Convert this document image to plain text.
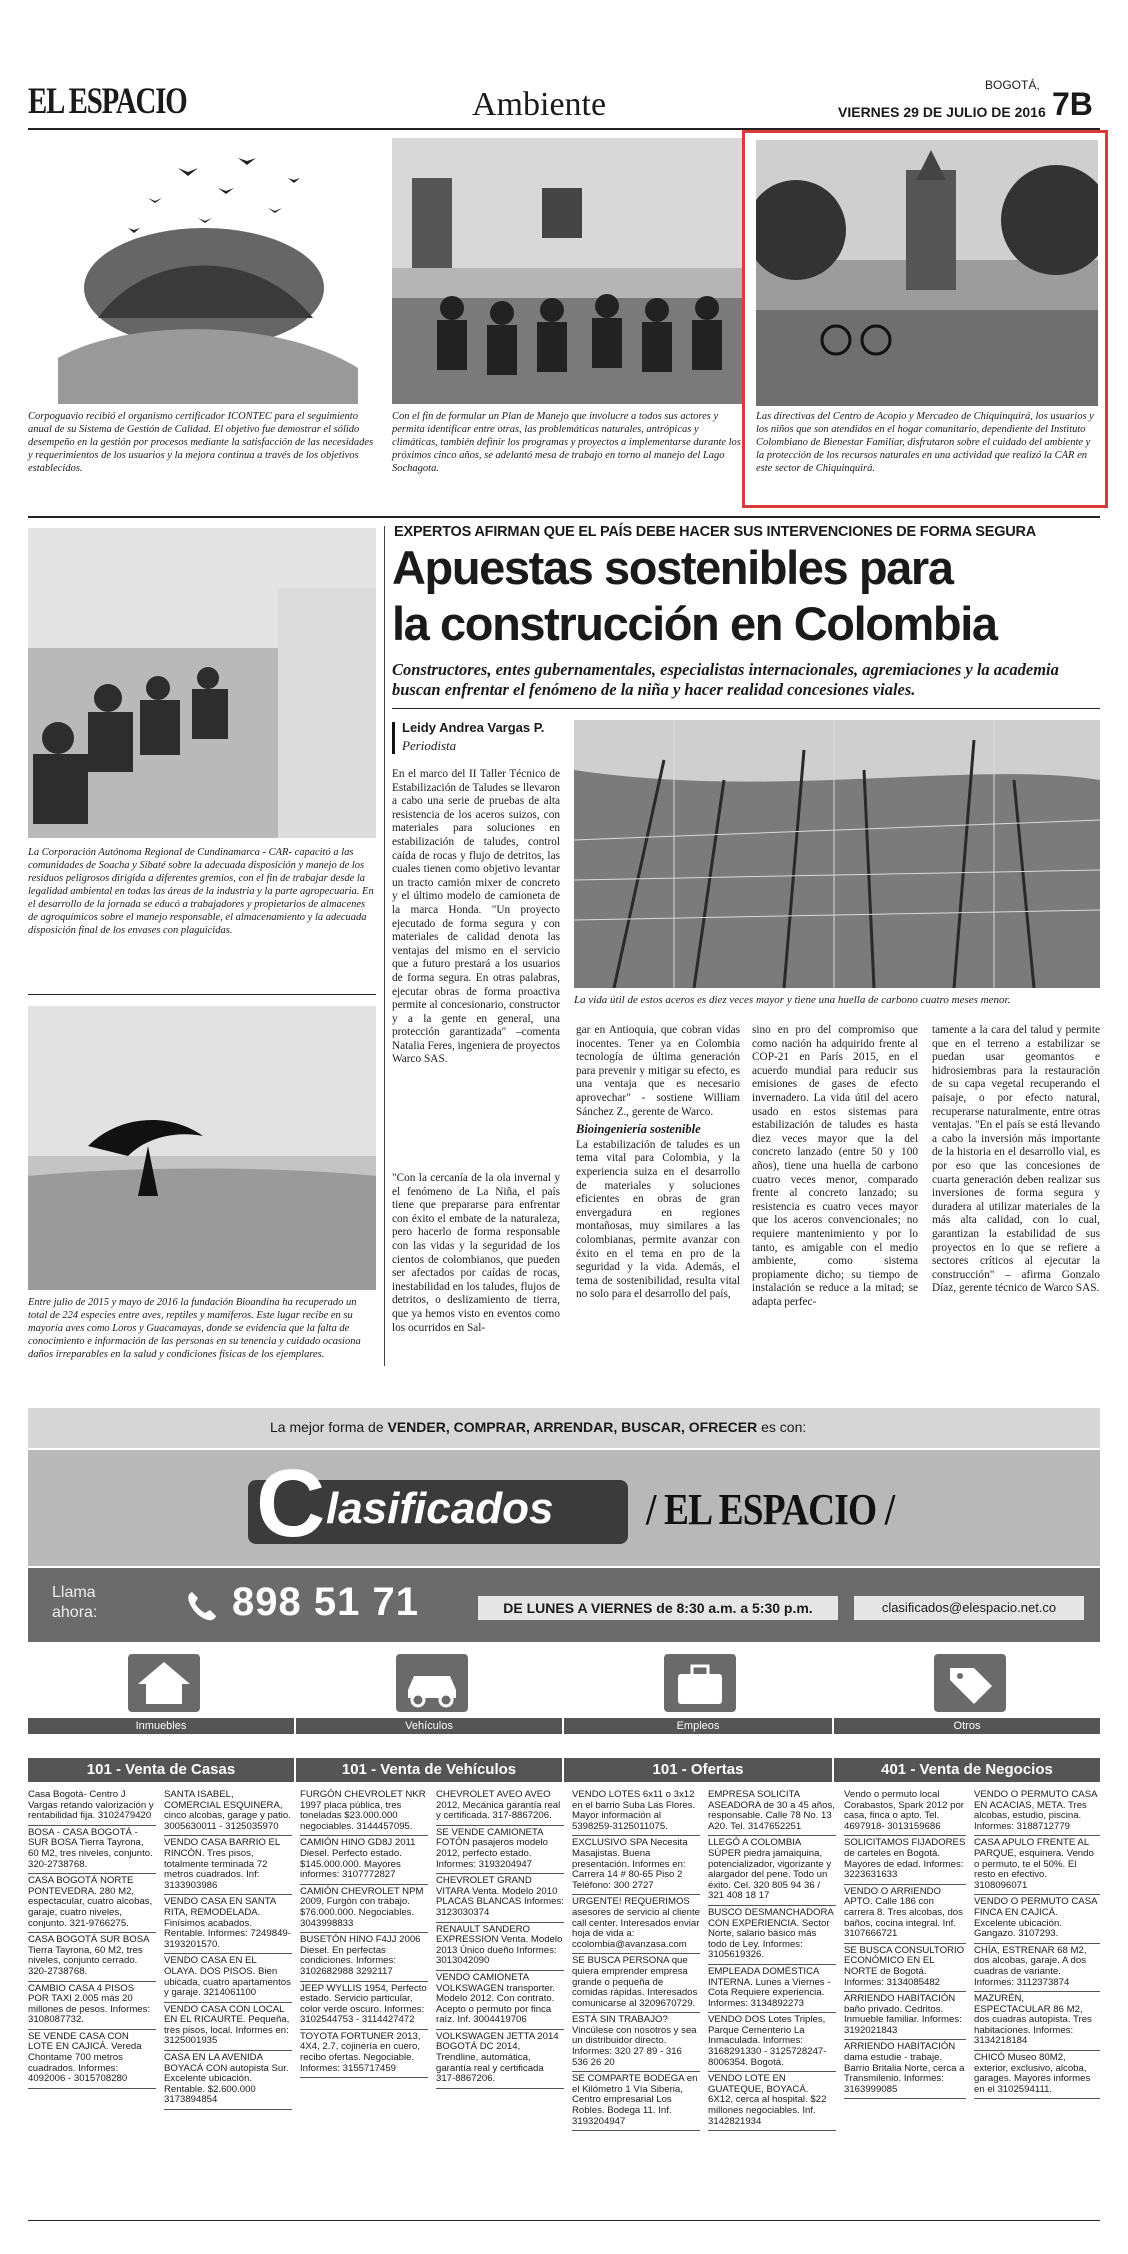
EL ESPACIO	Ambiente
BOGOTÁ,
VIERNES 29 DE JULIO DE 2016 7B
Corpoguavio recibió el organismo certificador ICONTEC para el seguimiento anual de su Sistema de Gestión de Calidad. El objetivo fue demostrar el sólido desempeño en la gestión por procesos mediante la satisfacción de las necesidades y requerimientos de los usuarios y la mejora continua a través de los objetivos establecidos.
Con el fin de formular un Plan de Manejo que involucre a todos sus actores y permita identificar entre otras, las problemáticas naturales, antrópicas y climáticas, también definir los programas y proyectos a implementarse durante los próximos cinco años, se adelantó mesa de trabajo en torno al manejo del Lago Sochagota.
Las directivas del Centro de Acopio y Mercadeo de Chiquinquirá, los usuarios y los niños que son atendidos en el hogar comunitario, dependiente del Instituto Colombiano de Bienestar Familiar, disfrutaron sobre el cuidado del ambiente y la protección de los recursos naturales en una actividad que realizó la CAR en este sector de Chiquinquirá.
La Corporación Autónoma Regional de Cundinamarca - CAR- capacitó a las comunidades de Soacha y Sibaté sobre la adecuada disposición y manejo de los residuos peligrosos dirigida a diferentes gremios, con el fin de trabajar desde la legalidad ambiental en todas las áreas de la industria y la parte agropecuaria. En el desarrollo de la jornada se educó a trabajadores y propietarios de almacenes de agroquímicos sobre el manejo responsable, el almacenamiento y la adecuada disposición final de los envases con plaguicidas.
Entre julio de 2015 y mayo de 2016 la fundación Bioandina ha recuperado un total de 224 especies entre aves, reptiles y mamíferos. Este lugar recibe en su mayoría aves como Loros y Guacamayas, donde se evidencia que la falta de conocimiento e información de las personas en su tenencia y cuidado ocasiona daños irreparables en la salud y condiciones físicas de los ejemplares.
EXPERTOS AFIRMAN QUE EL PAÍS DEBE HACER SUS INTERVENCIONES DE FORMA SEGURA
Apuestas sostenibles para
la construcción en Colombia
Constructores, entes gubernamentales, especialistas internacionales, agremiaciones y la academia buscan enfrentar el fenómeno de la niña y hacer realidad concesiones viales.
Leidy Andrea Vargas P.
Periodista
En el marco del II Taller Técnico de Estabilización de Taludes se llevaron a cabo una serie de pruebas de alta resistencia de los aceros suizos, con materiales para soluciones en estabilización de taludes, control caída de rocas y flujo de detritos, las cuales tienen como objetivo levantar un tracto camión mixer de concreto y el último modelo de camioneta de la marca Honda. "Un proyecto ejecutado de forma segura y con materiales de calidad denota las ventajas del mismo en el servicio que a futuro prestará a los usuarios de forma segura. En otras palabras, ejecutar obras de forma proactiva permite al concesionario, constructor y a la gente en general, una protección garantizada" –comenta Natalia Feres, ingeniera de proyectos Warco SAS.
La vida útil de estos aceros es diez veces mayor y tiene una huella de carbono cuatro meses menor.
"Con la cercanía de la ola invernal y el fenómeno de La Niña, el país tiene que prepararse para enfrentar con éxito el embate de la naturaleza, pero hacerlo de forma responsable con las vidas y la seguridad de los cientos de colombianos, que pueden ser afectados por caídas de rocas, inestabilidad en los taludes, flujos de detritos, o deslizamiento de tierra, que ya hemos visto en eventos como los ocurridos en Sal-

gar en Antioquia, que cobran vidas inocentes. Tener ya en Colombia tecnología de última generación para prevenir y mitigar su efecto, es una ventaja que es necesario aprovechar" - sostiene William Sánchez Z., gerente de Warco.

Bioingeniería sostenible

La estabilización de taludes es un tema vital para Colombia, y la experiencia suiza en el desarrollo de materiales y soluciones eficientes en obras de gran envergadura en regiones montañosas, muy similares a las colombianas, permite avanzar con éxito en el tema en pro de la seguridad y la vida. Además, el tema de sostenibilidad, resulta vital no solo para el desarrollo del país,

sino en pro del compromiso que como nación ha adquirido frente al COP-21 en París 2015, en el acuerdo mundial para reducir sus emisiones de gases de efecto invernadero. La vida útil del acero usado en estos sistemas para estabilización de taludes es hasta diez veces mayor que la del concreto lanzado (entre 50 y 100 años), tiene una huella de carbono cuatro veces menor, comparado frente al concreto lanzado; su resistencia es cuatro veces mayor que los aceros convencionales; no requiere mantenimiento y por lo tanto, es amigable con el medio ambiente, como sistema propiamente dicho; su tiempo de instalación se reduce a la mitad; se adapta perfec-
tamente a la cara del talud y permite que en el terreno a estabilizar se puedan usar geomantos e hidrosiembras para la restauración de su capa vegetal recuperando el paisaje, o por efecto natural, recuperarse naturalmente, entre otras ventajas. "En el país se está llevando a cabo la inversión más importante de la historia en el desarrollo vial, es por eso que las concesiones de cuarta generación deben realizar sus inversiones de forma segura y duradera al utilizar materiales de la más alta calidad, con lo cual, garantizan la estabilidad de sus proyectos en lo que se refiere a sectores críticos al ejecutar la construcción" – afirma Gonzalo Díaz, gerente técnico de Warco SAS.
La mejor forma de VENDER, COMPRAR, ARRENDAR, BUSCAR, OFRECER es con:
C lasificados / EL ESPACIO /
Llama
ahora:	898 51 71	DE LUNES A VIERNES de 8:30 a.m. a 5:30 p.m.	clasificados@elespacio.net.co
Inmuebles	Vehículos	Empleos	Otros
101 - Venta de Casas	101 - Venta de Vehículos	101 - Ofertas	401 - Venta de Negocios
Casa Bogotá- Centro J Vargas retando valorización y rentabilidad fija. 3102479420
BOSA - CASA BOGOTÁ - SUR BOSA Tierra Tayrona, 60 M2, tres niveles, conjunto. 320-2738768.
CASA BOGOTÁ NORTE PONTEVEDRA. 280 M2, espectacular, cuatro alcobas, garaje, cuatro niveles, conjunto. 321-9766275.
CASA BOGOTÁ SUR BOSA Tierra Tayrona, 60 M2, tres niveles, conjunto cerrado. 320-2738768.
CAMBIO CASA 4 PISOS POR TAXI 2.005 más 20 millones de pesos. Informes: 3108087732.
SE VENDE CASA CON LOTE EN CAJICÁ. Vereda Chontame 700 metros cuadrados. Informes: 4092006 - 3015708280
SANTA ISABEL, COMERCIAL ESQUINERA, cinco alcobas, garage y patio. 3005630011 - 3125035970
VENDO CASA BARRIO EL RINCÓN. Tres pisos, totalmente terminada 72 metros cuadrados. Inf: 3133903986
VENDO CASA EN SANTA RITA, REMODELADA. Finísimos acabados. Rentable. Informes: 7249849-3193201570.
VENDO CASA EN EL OLAYA. DOS PISOS. Bien ubicada, cuatro apartamentos y garaje. 3214061100
VENDO CASA CON LOCAL EN EL RICAURTE. Pequeña, tres pisos, local. Informes en: 3125001935
CASA EN LA AVENIDA BOYACÁ CON autopista Sur. Excelente ubicación. Rentable. $2.600.000 3173894854
FURGÓN CHEVROLET NKR 1997 placa pública, tres toneladas $23.000.000 negociables. 3144457095.
CAMIÓN HINO GD8J 2011 Diesel. Perfecto estado. $145.000.000. Mayores informes: 3107772827
CAMIÓN CHEVROLET NPM 2009, Furgón con trabajo. $76.000.000. Negociables. 3043998833
BUSETÓN HINO F4JJ 2006 Diesel. En perfectas condiciones. Informes: 3102682988 3292117
JEEP WYLLIS 1954, Perfecto estado. Servicio particular, color verde oscuro. Informes: 3102544753 - 3114427472
TOYOTA FORTUNER 2013, 4X4, 2.7, cojinería en cuero, recibo ofertas. Negociable. Informes: 3155717459
CHEVROLET AVEO AVEO 2012, Mecánica garantía real y certificada. 317-8867206.
SE VENDE CAMIONETA FOTÓN pasajeros modelo 2012, perfecto estado. Informes: 3193204947
CHEVROLET GRAND VITARA Venta. Modelo 2010 PLACAS BLANCAS Informes: 3123030374
RENAULT SANDERO EXPRESSION Venta. Modelo 2013 Único dueño Informes: 3013042090
VENDO CAMIONETA VOLKSWAGEN transporter. Modelo 2012. Con contrato. Acepto o permuto por finca raíz. Inf. 3004419706
VOLKSWAGEN JETTA 2014 BOGOTÁ DC 2014, Trendline, automática, garantía real y certificada 317-8867206.
VENDO LOTES 6x11 o 3x12 en el barrio Suba Las Flores. Mayor información al 5398259-3125011075.
EXCLUSIVO SPA Necesita Masajistas. Buena presentación. Informes en: Carrera 14 # 80-65 Piso 2 Teléfono: 300 2727
URGENTE! REQUERIMOS asesores de servicio al cliente call center. Interesados enviar hoja de vida a: ccolombia@avanzasa.com
SE BUSCA PERSONA que quiera emprender empresa grande o pequeña de comidas rápidas. Interesados comunicarse al 3209670729.
ESTÁ SIN TRABAJO? Vincúlese con nosotros y sea un distribuidor directo. Informes: 320 27 89 - 316 536 26 20
SE COMPARTE BODEGA en el Kilómetro 1 Vía Siberia, Centro empresarial Los Robles. Bodega 11. Inf. 3193204947
EMPRESA SOLICITA ASEADORA de 30 a 45 años, responsable. Calle 78 No. 13 A20. Tel. 3147652251
LLEGÓ A COLOMBIA SÚPER piedra jamaiquina, potencializador, vigorizante y alargador del pene. Todo un éxito. Cel. 320 805 94 36 / 321 408 18 17
BUSCO DESMANCHADORA CON EXPERIENCIA. Sector Norte, salario básico más todo de Ley. Informes: 3105619326.
EMPLEADA DOMÉSTICA INTERNA. Lunes a Viernes - Cota Requiere experiencia. Informes: 3134892273
VENDO DOS Lotes Triples, Parque Cementerio La Inmaculada. Informes: 3168291330 - 3125728247- 8006354. Bogotá.
VENDO LOTE EN GUATEQUE, BOYACÁ. 6X12, cerca al hospital. $22 millones negociables. Inf. 3142821934
Vendo o permuto local Corabastos, Spark 2012 por casa, finca o apto. Tel. 4697918- 3013159686
SOLICITAMOS FIJADORES de carteles en Bogotá. Mayores de edad. Informes: 3223631633
VENDO O ARRIENDO APTO. Calle 186 con carrera 8. Tres alcobas, dos baños, cocina integral. Inf. 3107666721
SE BUSCA CONSULTORIO ECONÓMICO EN EL NORTE de Bogotá. Informes: 3134085482
ARRIENDO HABITACIÓN baño privado. Cedritos. Inmueble familiar. Informes: 3192021843
ARRIENDO HABITACIÓN dama estudie - trabaje. Barrio Britalia Norte, cerca a Transmilenio. Informes: 3163999085
VENDO O PERMUTO CASA EN ACACIAS, META. Tres alcobas, estudio, piscina. Informes: 3188712779
CASA APULO FRENTE AL PARQUE, esquinera. Vendo o permuto, te el 50%. El resto en efectivo. 3108096071
VENDO O PERMUTO CASA FINCA EN CAJICÁ. Excelente ubicación. Gangazo. 3107293.
CHÍA, ESTRENAR 68 M2, dos alcobas, garaje. A dos cuadras de variante. Informes: 3112373874
MAZURÉN, ESPECTACULAR 86 M2, dos cuadras autopista. Tres habitaciones. Informes: 3134218184
CHICÓ Museo 80M2, exterior, exclusivo, alcoba, garages. Mayores informes en el 3102594111.
